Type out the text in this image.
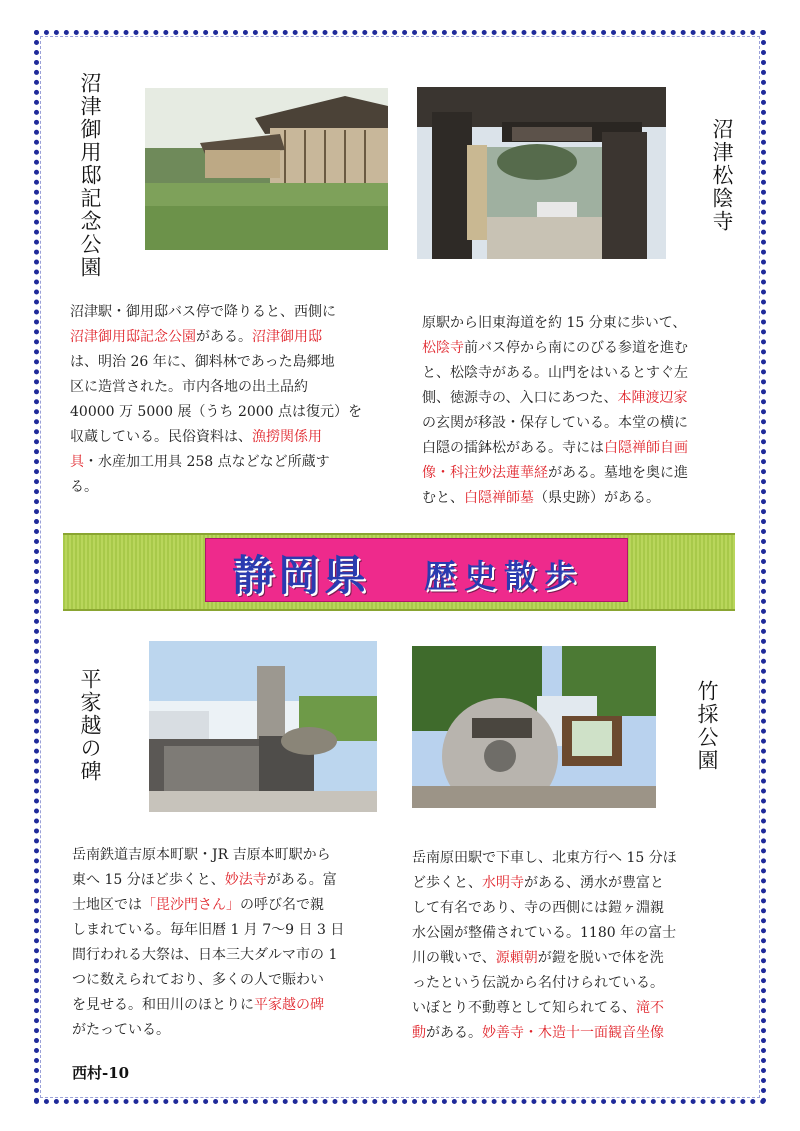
沼津御用邸記念公園

沼津駅・御用邸バス停で降りると、西側に

沼津御用邸記念公園がある。沼津御用邸

は、明治 26 年に、御料林であった島郷地

区に造営された。市内各地の出土品約

40000 万 5000 展（うち 2000 点は復元）を

収蔵している。民俗資料は、漁撈関係用

具・水産加工用具 258 点などなど所蔵す

る。

沼津松陰寺

原駅から旧東海道を約 15 分東に歩いて、

松陰寺前バス停から南にのびる参道を進む

と、松陰寺がある。山門をはいるとすぐ左

側、徳源寺の、入口にあつた、本陣渡辺家

の玄関が移設・保存している。本堂の横に

白隠の擂鉢松がある。寺には白隠禅師自画

像・科注妙法蓮華経がある。墓地を奥に進

むと、白隠禅師墓（県史跡）がある。

静岡県 歴史散歩
平家越の碑

岳南鉄道吉原本町駅・JR 吉原本町駅から

東へ 15 分ほど歩くと、妙法寺がある。富

士地区では「毘沙門さん」の呼び名で親

しまれている。毎年旧暦 1 月 7～9 日 3 日

間行われる大祭は、日本三大ダルマ市の 1

つに数えられており、多くの人で賑わい

を見せる。和田川のほとりに平家越の碑

がたっている。

竹採公園

岳南原田駅で下車し、北東方行へ 15 分ほ

ど歩くと、水明寺がある、湧水が豊富と

して有名であり、寺の西側には鎧ヶ淵親

水公園が整備されている。1180 年の富士

川の戦いで、源頼朝が鎧を脱いで体を洗

ったという伝説から名付けられている。

いぼとり不動尊として知られてる、滝不

動がある。妙善寺・木造十一面観音坐像

西村-10
